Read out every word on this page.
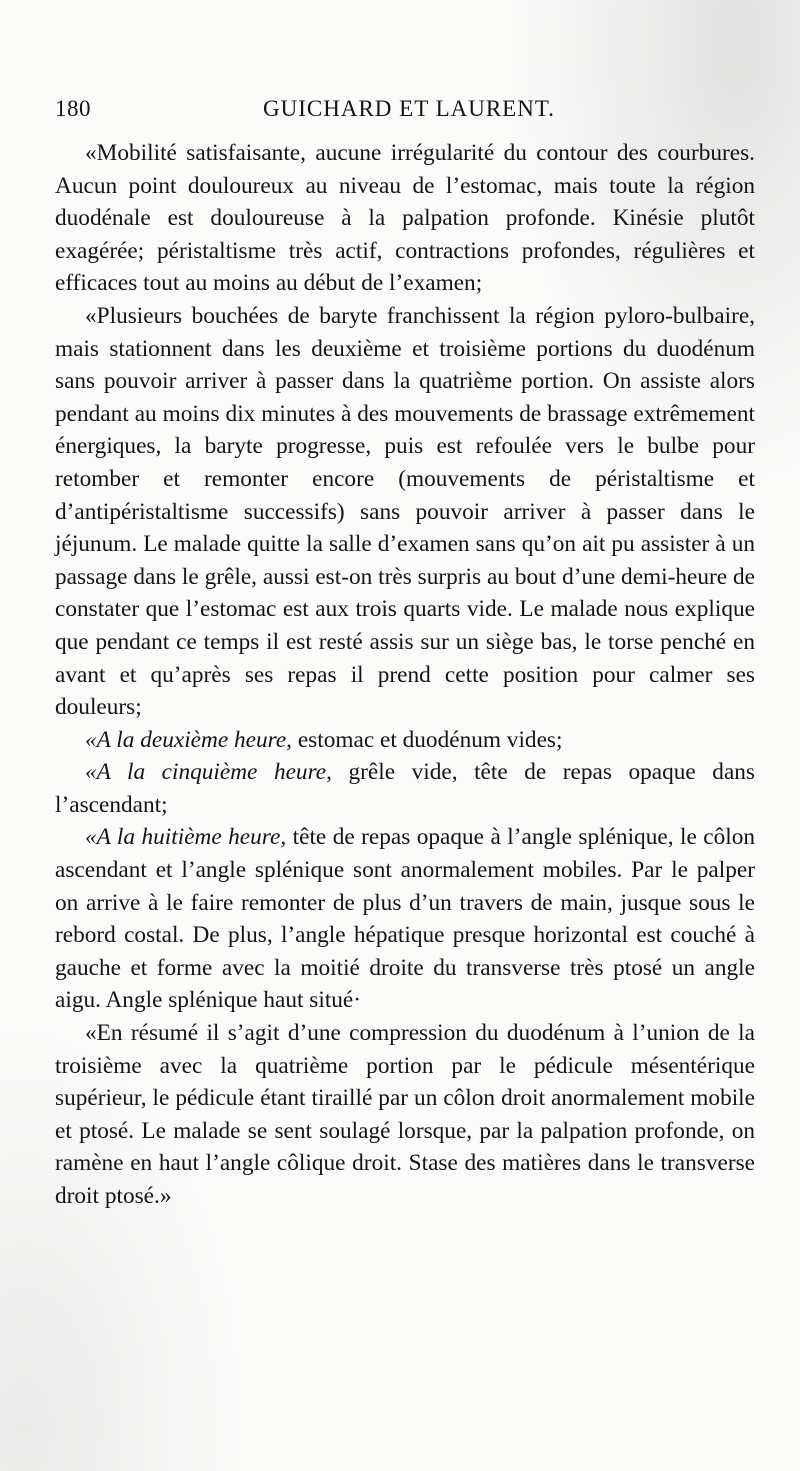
180	GUICHARD ET LAURENT.

«Mobilité satisfaisante, aucune irrégularité du contour des courbures. Aucun point douloureux au niveau de l’estomac, mais toute la région duodénale est douloureuse à la palpation profonde. Kinésie plutôt exagérée; péristaltisme très actif, contractions profondes, régulières et efficaces tout au moins au début de l’examen;

«Plusieurs bouchées de baryte franchissent la région pyloro-bulbaire, mais stationnent dans les deuxième et troisième portions du duodénum sans pouvoir arriver à passer dans la quatrième portion. On assiste alors pendant au moins dix minutes à des mouvements de brassage extrêmement énergiques, la baryte progresse, puis est refoulée vers le bulbe pour retomber et remonter encore (mouvements de péristaltisme et d’antipéristaltisme successifs) sans pouvoir arriver à passer dans le jéjunum. Le malade quitte la salle d’examen sans qu’on ait pu assister à un passage dans le grêle, aussi est-on très surpris au bout d’une demi-heure de constater que l’estomac est aux trois quarts vide. Le malade nous explique que pendant ce temps il est resté assis sur un siège bas, le torse penché en avant et qu’après ses repas il prend cette position pour calmer ses douleurs;

«A la deuxième heure, estomac et duodénum vides;

«A la cinquième heure, grêle vide, tête de repas opaque dans l’ascendant;

«A la huitième heure, tête de repas opaque à l’angle splénique, le côlon ascendant et l’angle splénique sont anormalement mobiles. Par le palper on arrive à le faire remonter de plus d’un travers de main, jusque sous le rebord costal. De plus, l’angle hépatique presque horizontal est couché à gauche et forme avec la moitié droite du transverse très ptosé un angle aigu. Angle splénique haut situé·

«En résumé il s’agit d’une compression du duodénum à l’union de la troisième avec la quatrième portion par le pédicule mésentérique supérieur, le pédicule étant tiraillé par un côlon droit anormalement mobile et ptosé. Le malade se sent soulagé lorsque, par la palpation profonde, on ramène en haut l’angle côlique droit. Stase des matières dans le transverse droit ptosé.»
